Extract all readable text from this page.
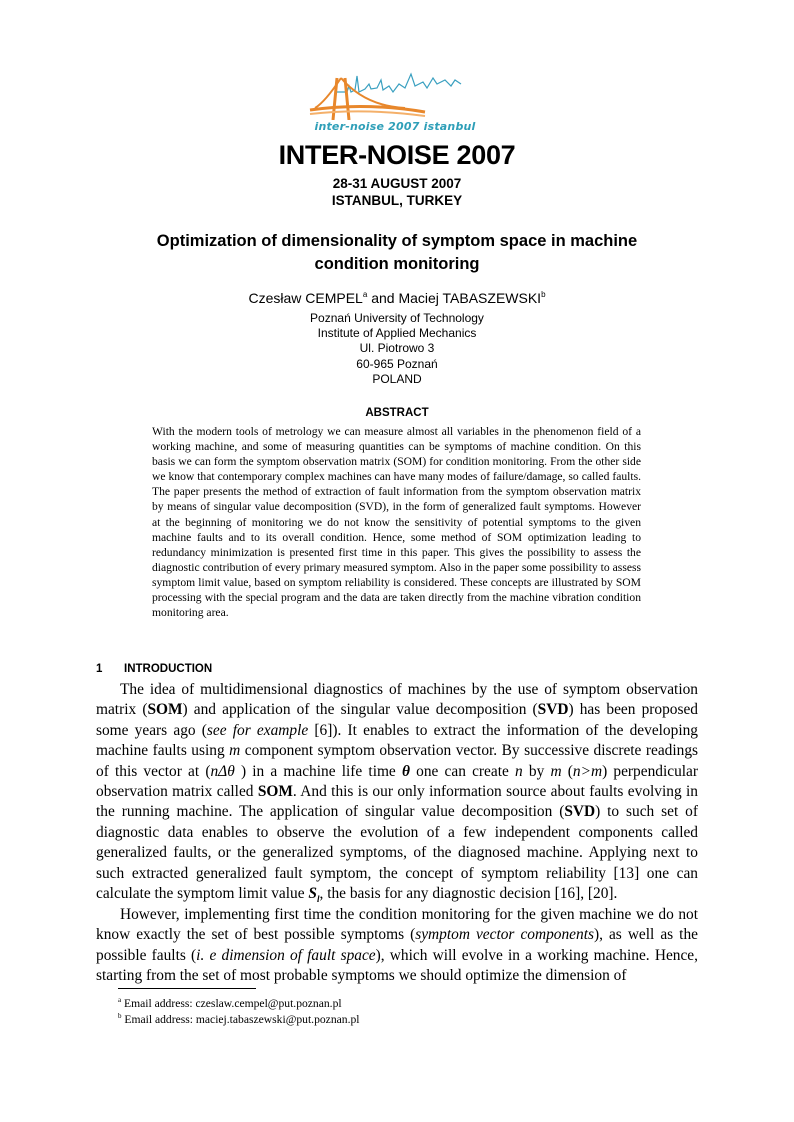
inter-noise 2007 istanbul
INTER-NOISE 2007
28-31 AUGUST 2007
ISTANBUL, TURKEY
Optimization of dimensionality of symptom space in machine condition monitoring
Czesław CEMPEL$^a$ and Maciej TABASZEWSKI$^b$
Poznań University of Technology
Institute of Applied Mechanics
Ul. Piotrowo 3
60-965 Poznań
POLAND
ABSTRACT

With the modern tools of metrology we can measure almost all variables in the phenomenon field of a working machine, and some of measuring quantities can be symptoms of machine condition. On this basis we can form the symptom observation matrix (SOM) for condition monitoring. From the other side we know that contemporary complex machines can have many modes of failure/damage, so called faults. The paper presents the method of extraction of fault information from the symptom observation matrix by means of singular value decomposition (SVD), in the form of generalized fault symptoms. However at the beginning of monitoring we do not know the sensitivity of potential symptoms to the given machine faults and to its overall condition. Hence, some method of SOM optimization leading to redundancy minimization is presented first time in this paper. This gives the possibility to assess the diagnostic contribution of every primary measured symptom. Also in the paper some possibility to assess symptom limit value, based on symptom reliability is considered. These concepts are illustrated by SOM processing with the special program and the data are taken directly from the machine vibration condition monitoring area.

1 INTRODUCTION

The idea of multidimensional diagnostics of machines by the use of symptom observation matrix (SOM) and application of the singular value decomposition (SVD) has been proposed some years ago (see for example [6]). It enables to extract the information of the developing machine faults using m component symptom observation vector. By successive discrete readings of this vector at (nΔθ ) in a machine life time θ one can create n by m (n>m) perpendicular observation matrix called SOM. And this is our only information source about faults evolving in the running machine. The application of singular value decomposition (SVD) to such set of diagnostic data enables to observe the evolution of a few independent components called generalized faults, or the generalized symptoms, of the diagnosed machine. Applying next to such extracted generalized fault symptom, the concept of symptom reliability [13] one can calculate the symptom limit value $S_l$, the basis for any diagnostic decision [16], [20].

However, implementing first time the condition monitoring for the given machine we do not know exactly the set of best possible symptoms (symptom vector components), as well as the possible faults (i. e dimension of fault space), which will evolve in a working machine. Hence, starting from the set of most probable symptoms we should optimize the dimension of

$^a$ Email address: czeslaw.cempel@put.poznan.pl
$^b$ Email address: maciej.tabaszewski@put.poznan.pl
